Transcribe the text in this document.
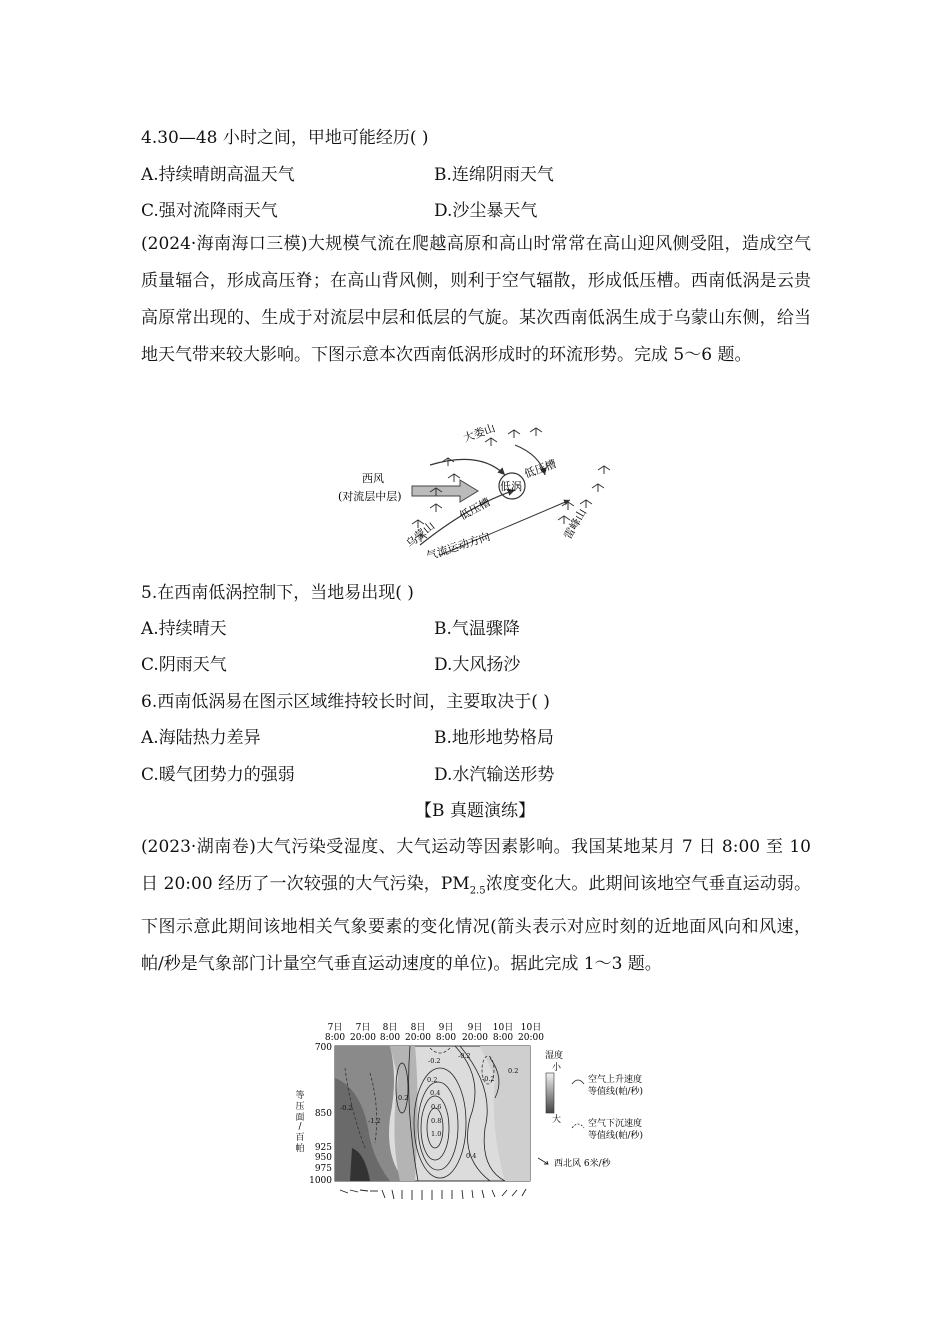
4.30—48 小时之间，甲地可能经历( )
A.持续晴朗高温天气	B.连绵阴雨天气
C.强对流降雨天气	D.沙尘暴天气
(2024·海南海口三模)大规模气流在爬越高原和高山时常常在高山迎风侧受阻，造成空气质量辐合，形成高压脊；在高山背风侧，则利于空气辐散，形成低压槽。西南低涡是云贵高原常出现的、生成于对流层中层和低层的气旋。某次西南低涡生成于乌蒙山东侧，给当地天气带来较大影响。下图示意本次西南低涡形成时的环流形势。完成 5～6 题。
西风
(对流层中层)
低涡
低压槽
低压槽
大娄山
乌蒙山	雷峰山
气流运动方向
5.在西南低涡控制下，当地易出现( )
A.持续晴天	B.气温骤降
C.阴雨天气	D.大风扬沙
6.西南低涡易在图示区域维持较长时间，主要取决于( )
A.海陆热力差异	B.地形地势格局
C.暖气团势力的强弱	D.水汽输送形势
【B 真题演练】
(2023·湖南卷)大气污染受湿度、大气运动等因素影响。我国某地某月 7 日 8:00 至 10 日 20:00 经历了一次较强的大气污染，$PM_{2.5}$浓度变化大。此期间该地空气垂直运动弱。下图示意此期间该地相关气象要素的变化情况(箭头表示对应时刻的近地面风向和风速，帕/秒是气象部门计量空气垂直运动速度的单位)。据此完成 1～3 题。
7日
8:00
7日
20:00
8日
8:00
8日
20:00
9日
8:00
9日
20:00
10日
8:00
10日
20:00
-0.2
0.2
0.2
0.4
0.6
0.8
1.0
0.4
-0.2
0.2
-0.2
-1.2
-0.2
700
850
925
950
975
1000
等
压
面
/
百
帕
湿度
小
大
空气上升速度
等值线(帕/秒)
空气下沉速度
等值线(帕/秒)
西北风 6米/秒
